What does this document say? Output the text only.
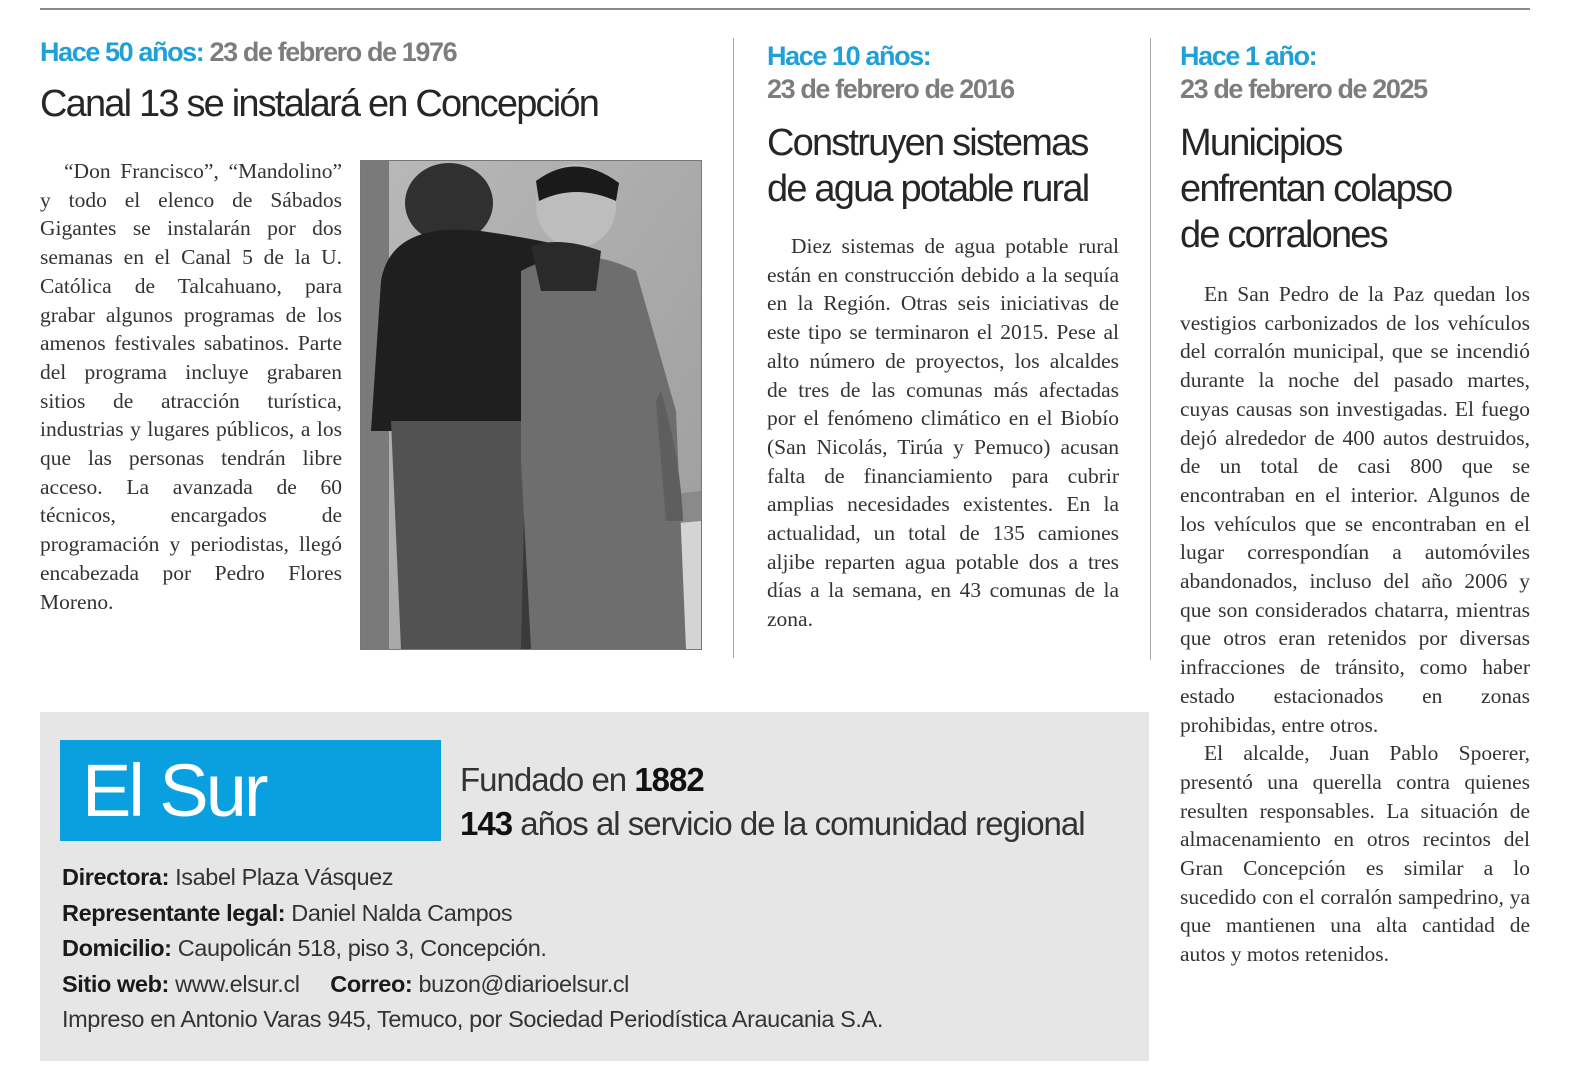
Hace 50 años: 23 de febrero de 1976
Canal 13 se instalará en Concepción

“Don Francisco”, “Mandolino” y todo el elenco de Sábados Gigantes se instalarán por dos semanas en el Canal 5 de la U. Católica de Talcahuano, para grabar algunos programas de los amenos festivales sabatinos. Parte del programa incluye grabaren sitios de atracción turística, industrias y lugares públicos, a los que las personas tendrán libre acceso. La avanzada de 60 técnicos, encargados de programación y periodistas, llegó encabezada por Pedro Flores Moreno.

Hace 10 años:
23 de febrero de 2016
Construyen sistemas de agua potable rural

Diez sistemas de agua potable rural están en construcción debido a la sequía en la Región. Otras seis iniciativas de este tipo se terminaron el 2015. Pese al alto número de proyectos, los alcaldes de tres de las comunas más afectadas por el fenómeno climático en el Biobío (San Nicolás, Tirúa y Pemuco) acusan falta de financiamiento para cubrir amplias necesidades existentes. En la actualidad, un total de 135 camiones aljibe reparten agua potable dos a tres días a la semana, en 43 comunas de la zona.

Hace 1 año:
23 de febrero de 2025
Municipios enfrentan colapso de corralones

En San Pedro de la Paz quedan los vestigios carbonizados de los vehículos del corralón municipal, que se incendió durante la noche del pasado martes, cuyas causas son investigadas. El fuego dejó alrededor de 400 autos destruidos, de un total de casi 800 que se encontraban en el interior. Algunos de los vehículos que se encontraban en el lugar correspondían a automóviles abandonados, incluso del año 2006 y que son considerados chatarra, mientras que otros eran retenidos por diversas infracciones de tránsito, como haber estado estacionados en zonas prohibidas, entre otros.

El alcalde, Juan Pablo Spoerer, presentó una querella contra quienes resulten responsables. La situación de almacenamiento en otros recintos del Gran Concepción es similar a lo sucedido con el corralón sampedrino, ya que mantienen una alta cantidad de autos y motos retenidos.

El Sur	Fundado en 1882
143 años al servicio de la comunidad regional
Directora: Isabel Plaza Vásquez
Representante legal: Daniel Nalda Campos
Domicilio: Caupolicán 518, piso 3, Concepción.
Sitio web: www.elsur.cl Correo: buzon@diarioelsur.cl
Impreso en Antonio Varas 945, Temuco, por Sociedad Periodística Araucania S.A.
